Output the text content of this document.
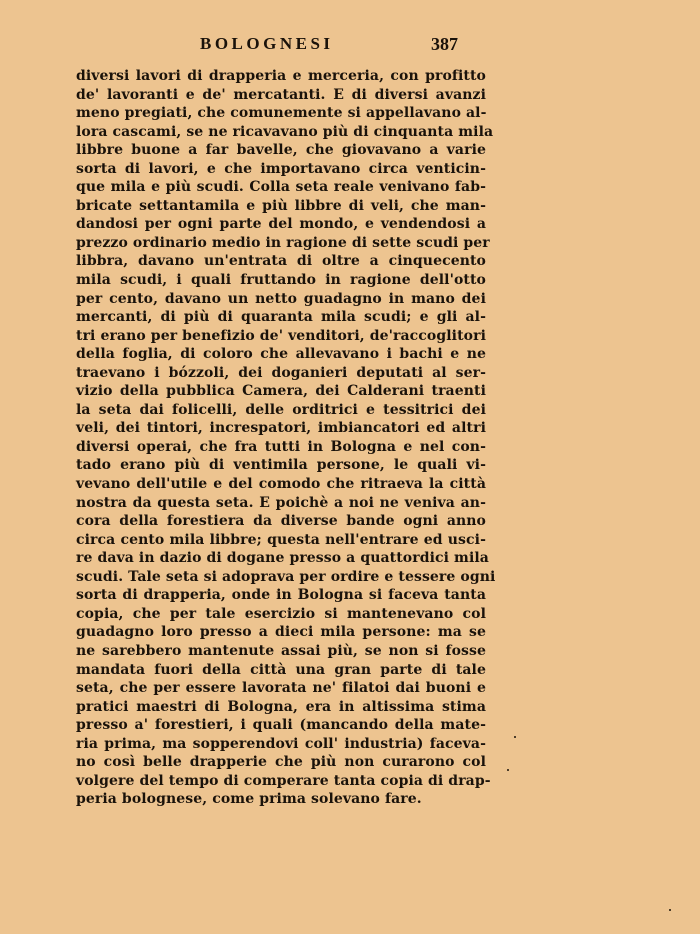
BOLOGNESI	387
diversi lavori di drapperia e merceria, con profitto
de' lavoranti e de' mercatanti. E di diversi avanzi
meno pregiati, che comunemente si appellavano al-
lora cascami, se ne ricavavano più di cinquanta mila
libbre buone a far bavelle, che giovavano a varie
sorta di lavori, e che importavano circa venticin-
que mila e più scudi. Colla seta reale venivano fab-
bricate settantamila e più libbre di veli, che man-
dandosi per ogni parte del mondo, e vendendosi a
prezzo ordinario medio in ragione di sette scudi per
libbra, davano un'entrata di oltre a cinquecento
mila scudi, i quali fruttando in ragione dell'otto
per cento, davano un netto guadagno in mano dei
mercanti, di più di quaranta mila scudi; e gli al-
tri erano per benefizio de' venditori, de'raccoglitori
della foglia, di coloro che allevavano i bachi e ne
traevano i bózzoli, dei doganieri deputati al ser-
vizio della pubblica Camera, dei Calderani traenti
la seta dai folicelli, delle orditrici e tessitrici dei
veli, dei tintori, increspatori, imbiancatori ed altri
diversi operai, che fra tutti in Bologna e nel con-
tado erano più di ventimila persone, le quali vi-
vevano dell'utile e del comodo che ritraeva la città
nostra da questa seta. E poichè a noi ne veniva an-
cora della forestiera da diverse bande ogni anno
circa cento mila libbre; questa nell'entrare ed usci-
re dava in dazio di dogane presso a quattordici mila
scudi. Tale seta si adoprava per ordire e tessere ogni
sorta di drapperia, onde in Bologna si faceva tanta
copia, che per tale esercizio si mantenevano col
guadagno loro presso a dieci mila persone: ma se
ne sarebbero mantenute assai più, se non si fosse
mandata fuori della città una gran parte di tale
seta, che per essere lavorata ne' filatoi dai buoni e
pratici maestri di Bologna, era in altissima stima
presso a' forestieri, i quali (mancando della mate-
ria prima, ma sopperendovi coll' industria) faceva-
no così belle drapperie che più non curarono col
volgere del tempo di comperare tanta copia di drap-
peria bolognese, come prima solevano fare.
